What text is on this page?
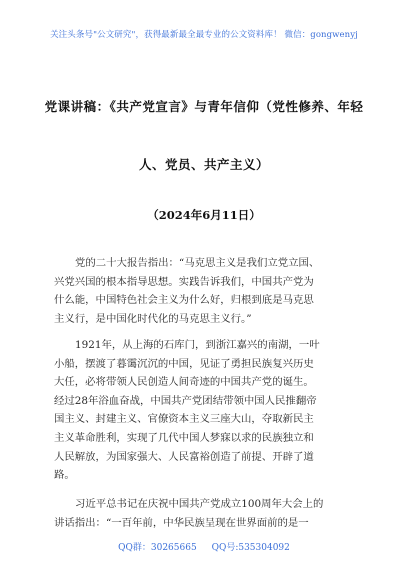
关注头条号"公文研究"，获得最新最全最专业的公文资料库！ 微信：gongwenyj
党课讲稿：《共产党宣言》与青年信仰（党性修养、年轻
人、党员、共产主义）
（2024年6月11日）
党的二十大报告指出：“马克思主义是我们立党立国、
兴党兴国的根本指导思想。实践告诉我们，中国共产党为
什么能，中国特色社会主义为什么好，归根到底是马克思
主义行，是中国化时代化的马克思主义行。”
1921年，从上海的石库门，到浙江嘉兴的南湖，一叶
小船，摆渡了暮霭沉沉的中国，见证了勇担民族复兴历史
大任，必将带领人民创造人间奇迹的中国共产党的诞生。
经过28年浴血奋战，中国共产党团结带领中国人民推翻帝
国主义、封建主义、官僚资本主义三座大山，夺取新民主
主义革命胜利，实现了几代中国人梦寐以求的民族独立和
人民解放，为国家强大、人民富裕创造了前提、开辟了道
路。
习近平总书记在庆祝中国共产党成立100周年大会上的
讲话指出：“一百年前，中华民族呈现在世界面前的是一
QQ群：30265665 QQ号:535304092
